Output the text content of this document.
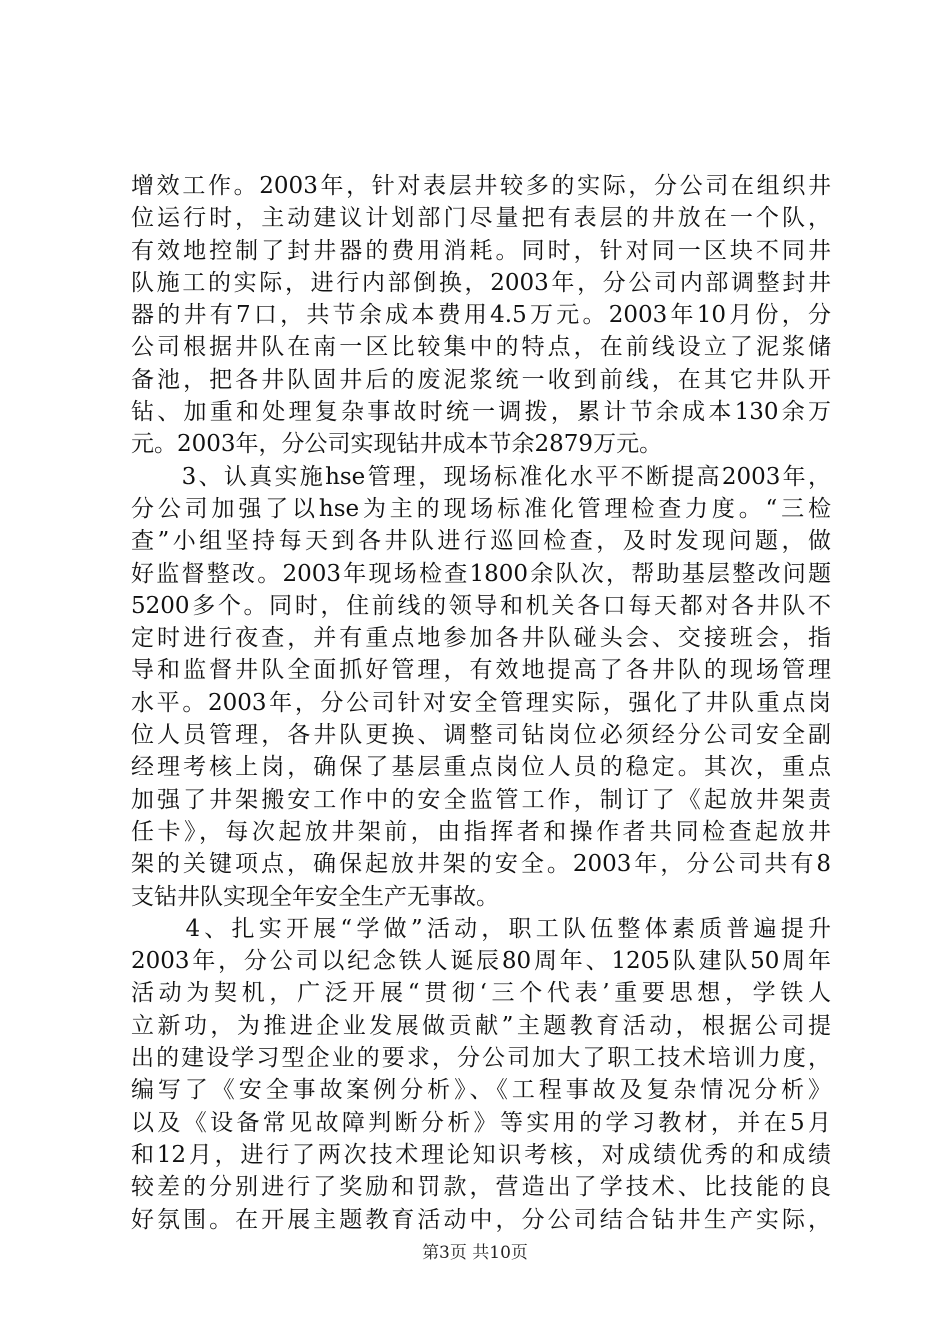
增效工作。2003年，针对表层井较多的实际，分公司在组织井
位运行时，主动建议计划部门尽量把有表层的井放在一个队，
有效地控制了封井器的费用消耗。同时，针对同一区块不同井
队施工的实际，进行内部倒换，2003年，分公司内部调整封井
器的井有7口，共节余成本费用4.5万元。2003年10月份，分
公司根据井队在南一区比较集中的特点，在前线设立了泥浆储
备池，把各井队固井后的废泥浆统一收到前线，在其它井队开
钻、加重和处理复杂事故时统一调拨，累计节余成本130余万
元。2003年，分公司实现钻井成本节余2879万元。
　　3、认真实施hse管理，现场标准化水平不断提高2003年，
分公司加强了以hse为主的现场标准化管理检查力度。“三检
查”小组坚持每天到各井队进行巡回检查，及时发现问题，做
好监督整改。2003年现场检查1800余队次，帮助基层整改问题
5200多个。同时，住前线的领导和机关各口每天都对各井队不
定时进行夜查，并有重点地参加各井队碰头会、交接班会，指
导和监督井队全面抓好管理，有效地提高了各井队的现场管理
水平。2003年，分公司针对安全管理实际，强化了井队重点岗
位人员管理，各井队更换、调整司钻岗位必须经分公司安全副
经理考核上岗，确保了基层重点岗位人员的稳定。其次，重点
加强了井架搬安工作中的安全监管工作，制订了《起放井架责
任卡》，每次起放井架前，由指挥者和操作者共同检查起放井
架的关键项点，确保起放井架的安全。2003年，分公司共有8
支钻井队实现全年安全生产无事故。
　　4、扎实开展“学做”活动，职工队伍整体素质普遍提升
2003年，分公司以纪念铁人诞辰80周年、1205队建队50周年
活动为契机，广泛开展“贯彻‘三个代表’重要思想，学铁人
立新功，为推进企业发展做贡献”主题教育活动，根据公司提
出的建设学习型企业的要求，分公司加大了职工技术培训力度，
编写了《安全事故案例分析》、《工程事故及复杂情况分析》
以及《设备常见故障判断分析》等实用的学习教材，并在5月
和12月，进行了两次技术理论知识考核，对成绩优秀的和成绩
较差的分别进行了奖励和罚款，营造出了学技术、比技能的良
好氛围。在开展主题教育活动中，分公司结合钻井生产实际，
第3页 共10页
